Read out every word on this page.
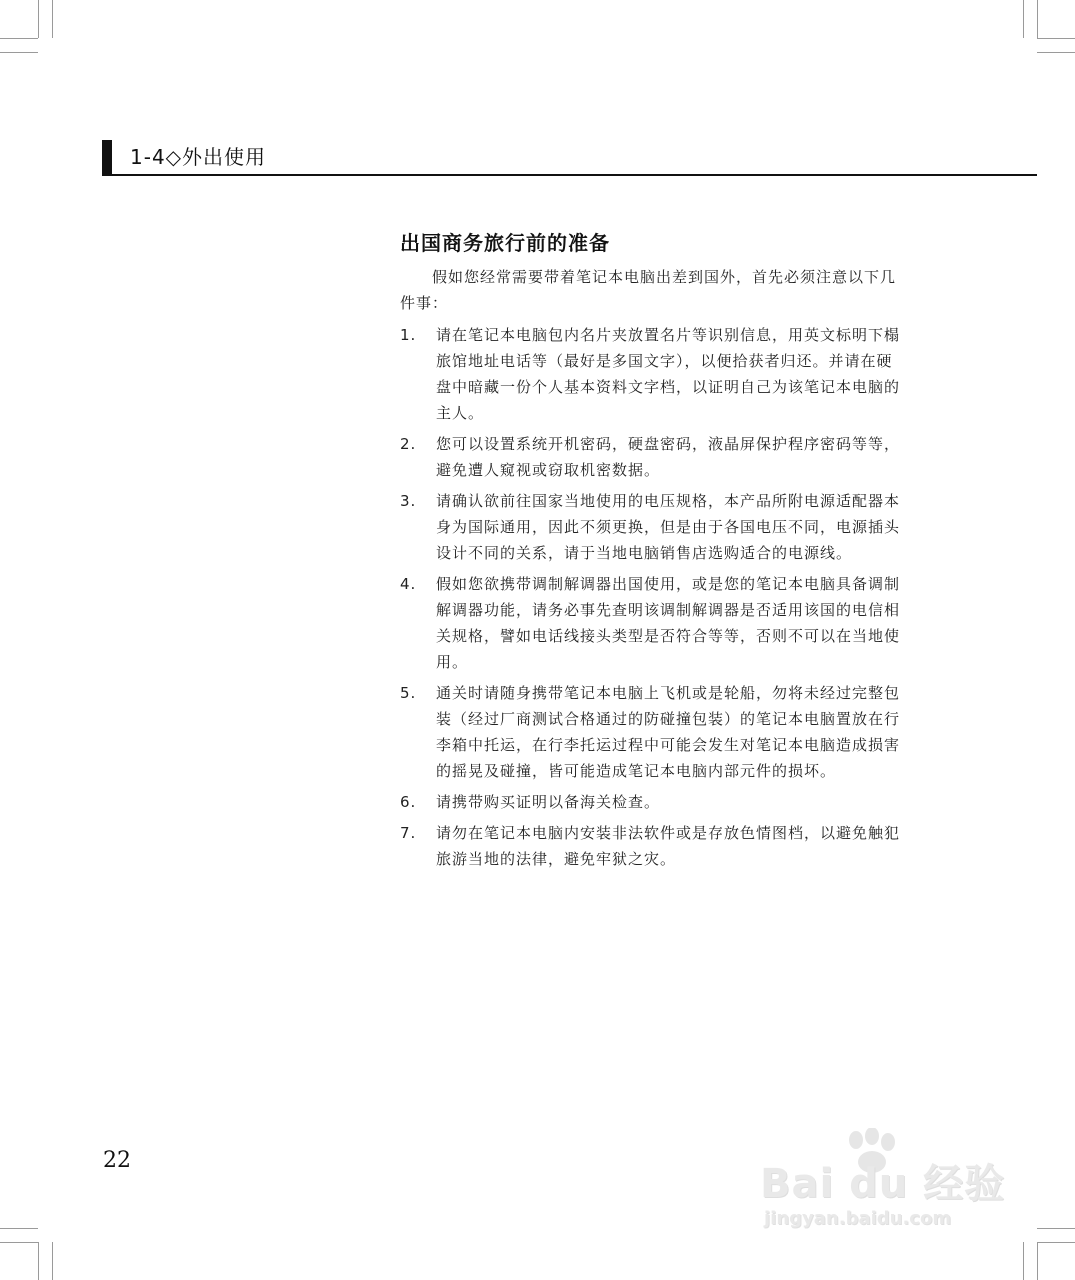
1-4◇外出使用
出国商务旅行前的准备

假如您经常需要带着笔记本电脑出差到国外，首先必须注意以下几件事：

1. 请在笔记本电脑包内名片夹放置名片等识别信息，用英文标明下榻旅馆地址电话等（最好是多国文字），以便拾获者归还。并请在硬盘中暗藏一份个人基本资料文字档，以证明自己为该笔记本电脑的主人。
2. 您可以设置系统开机密码，硬盘密码，液晶屏保护程序密码等等，避免遭人窥视或窃取机密数据。
3. 请确认欲前往国家当地使用的电压规格，本产品所附电源适配器本身为国际通用，因此不须更换，但是由于各国电压不同，电源插头设计不同的关系，请于当地电脑销售店选购适合的电源线。
4. 假如您欲携带调制解调器出国使用，或是您的笔记本电脑具备调制解调器功能，请务必事先查明该调制解调器是否适用该国的电信相关规格，譬如电话线接头类型是否符合等等，否则不可以在当地使用。
5. 通关时请随身携带笔记本电脑上飞机或是轮船，勿将未经过完整包装（经过厂商测试合格通过的防碰撞包装）的笔记本电脑置放在行李箱中托运，在行李托运过程中可能会发生对笔记本电脑造成损害的摇晃及碰撞，皆可能造成笔记本电脑内部元件的损坏。
6. 请携带购买证明以备海关检查。
7. 请勿在笔记本电脑内安装非法软件或是存放色情图档，以避免触犯旅游当地的法律，避免牢狱之灾。
22
Bai du 经验
jingyan.baidu.com
